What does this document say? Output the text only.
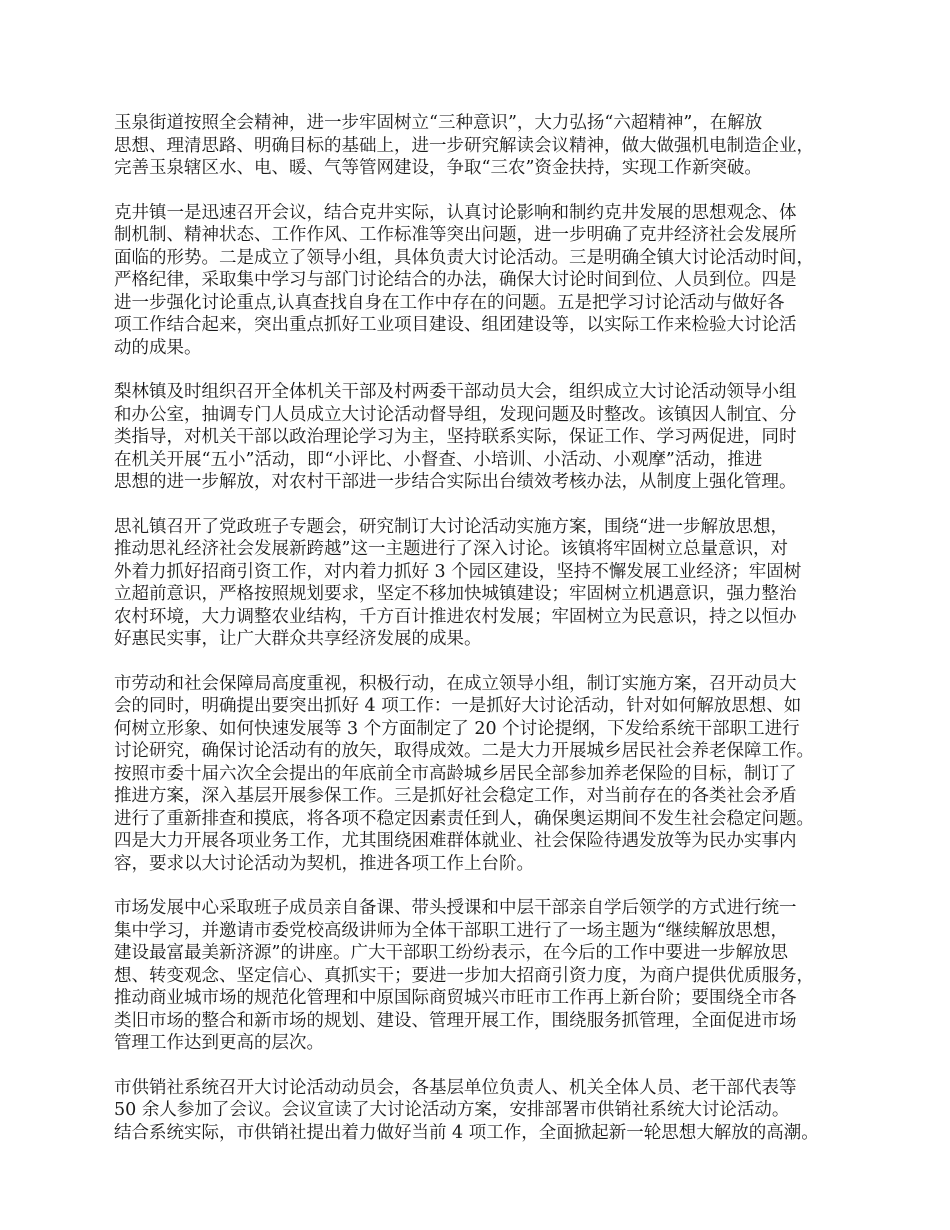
玉泉街道按照全会精神，进一步牢固树立“三种意识”，大力弘扬“六超精神”，在解放
思想、理清思路、明确目标的基础上，进一步研究解读会议精神，做大做强机电制造企业，
完善玉泉辖区水、电、暖、气等管网建设，争取“三农”资金扶持，实现工作新突破。

克井镇一是迅速召开会议，结合克井实际，认真讨论影响和制约克井发展的思想观念、体
制机制、精神状态、工作作风、工作标准等突出问题，进一步明确了克井经济社会发展所
面临的形势。二是成立了领导小组，具体负责大讨论活动。三是明确全镇大讨论活动时间，
严格纪律，采取集中学习与部门讨论结合的办法，确保大讨论时间到位、人员到位。四是
进一步强化讨论重点,认真查找自身在工作中存在的问题。五是把学习讨论活动与做好各
项工作结合起来，突出重点抓好工业项目建设、组团建设等，以实际工作来检验大讨论活
动的成果。

梨林镇及时组织召开全体机关干部及村两委干部动员大会，组织成立大讨论活动领导小组
和办公室，抽调专门人员成立大讨论活动督导组，发现问题及时整改。该镇因人制宜、分
类指导，对机关干部以政治理论学习为主，坚持联系实际，保证工作、学习两促进，同时
在机关开展“五小”活动，即“小评比、小督查、小培训、小活动、小观摩”活动，推进
思想的进一步解放，对农村干部进一步结合实际出台绩效考核办法，从制度上强化管理。

思礼镇召开了党政班子专题会，研究制订大讨论活动实施方案，围绕“进一步解放思想，
推动思礼经济社会发展新跨越”这一主题进行了深入讨论。该镇将牢固树立总量意识，对
外着力抓好招商引资工作，对内着力抓好 3 个园区建设，坚持不懈发展工业经济；牢固树
立超前意识，严格按照规划要求，坚定不移加快城镇建设；牢固树立机遇意识，强力整治
农村环境，大力调整农业结构，千方百计推进农村发展；牢固树立为民意识，持之以恒办
好惠民实事，让广大群众共享经济发展的成果。

市劳动和社会保障局高度重视，积极行动，在成立领导小组，制订实施方案，召开动员大
会的同时，明确提出要突出抓好 4 项工作：一是抓好大讨论活动，针对如何解放思想、如
何树立形象、如何快速发展等 3 个方面制定了 20 个讨论提纲，下发给系统干部职工进行
讨论研究，确保讨论活动有的放矢，取得成效。二是大力开展城乡居民社会养老保障工作。
按照市委十届六次全会提出的年底前全市高龄城乡居民全部参加养老保险的目标，制订了
推进方案，深入基层开展参保工作。三是抓好社会稳定工作，对当前存在的各类社会矛盾
进行了重新排查和摸底，将各项不稳定因素责任到人，确保奥运期间不发生社会稳定问题。
四是大力开展各项业务工作，尤其围绕困难群体就业、社会保险待遇发放等为民办实事内
容，要求以大讨论活动为契机，推进各项工作上台阶。

市场发展中心采取班子成员亲自备课、带头授课和中层干部亲自学后领学的方式进行统一
集中学习，并邀请市委党校高级讲师为全体干部职工进行了一场主题为“继续解放思想，
建设最富最美新济源”的讲座。广大干部职工纷纷表示，在今后的工作中要进一步解放思
想、转变观念、坚定信心、真抓实干；要进一步加大招商引资力度，为商户提供优质服务，
推动商业城市场的规范化管理和中原国际商贸城兴市旺市工作再上新台阶；要围绕全市各
类旧市场的整合和新市场的规划、建设、管理开展工作，围绕服务抓管理，全面促进市场
管理工作达到更高的层次。

市供销社系统召开大讨论活动动员会，各基层单位负责人、机关全体人员、老干部代表等
50 余人参加了会议。会议宣读了大讨论活动方案，安排部署市供销社系统大讨论活动。
结合系统实际，市供销社提出着力做好当前 4 项工作，全面掀起新一轮思想大解放的高潮。
